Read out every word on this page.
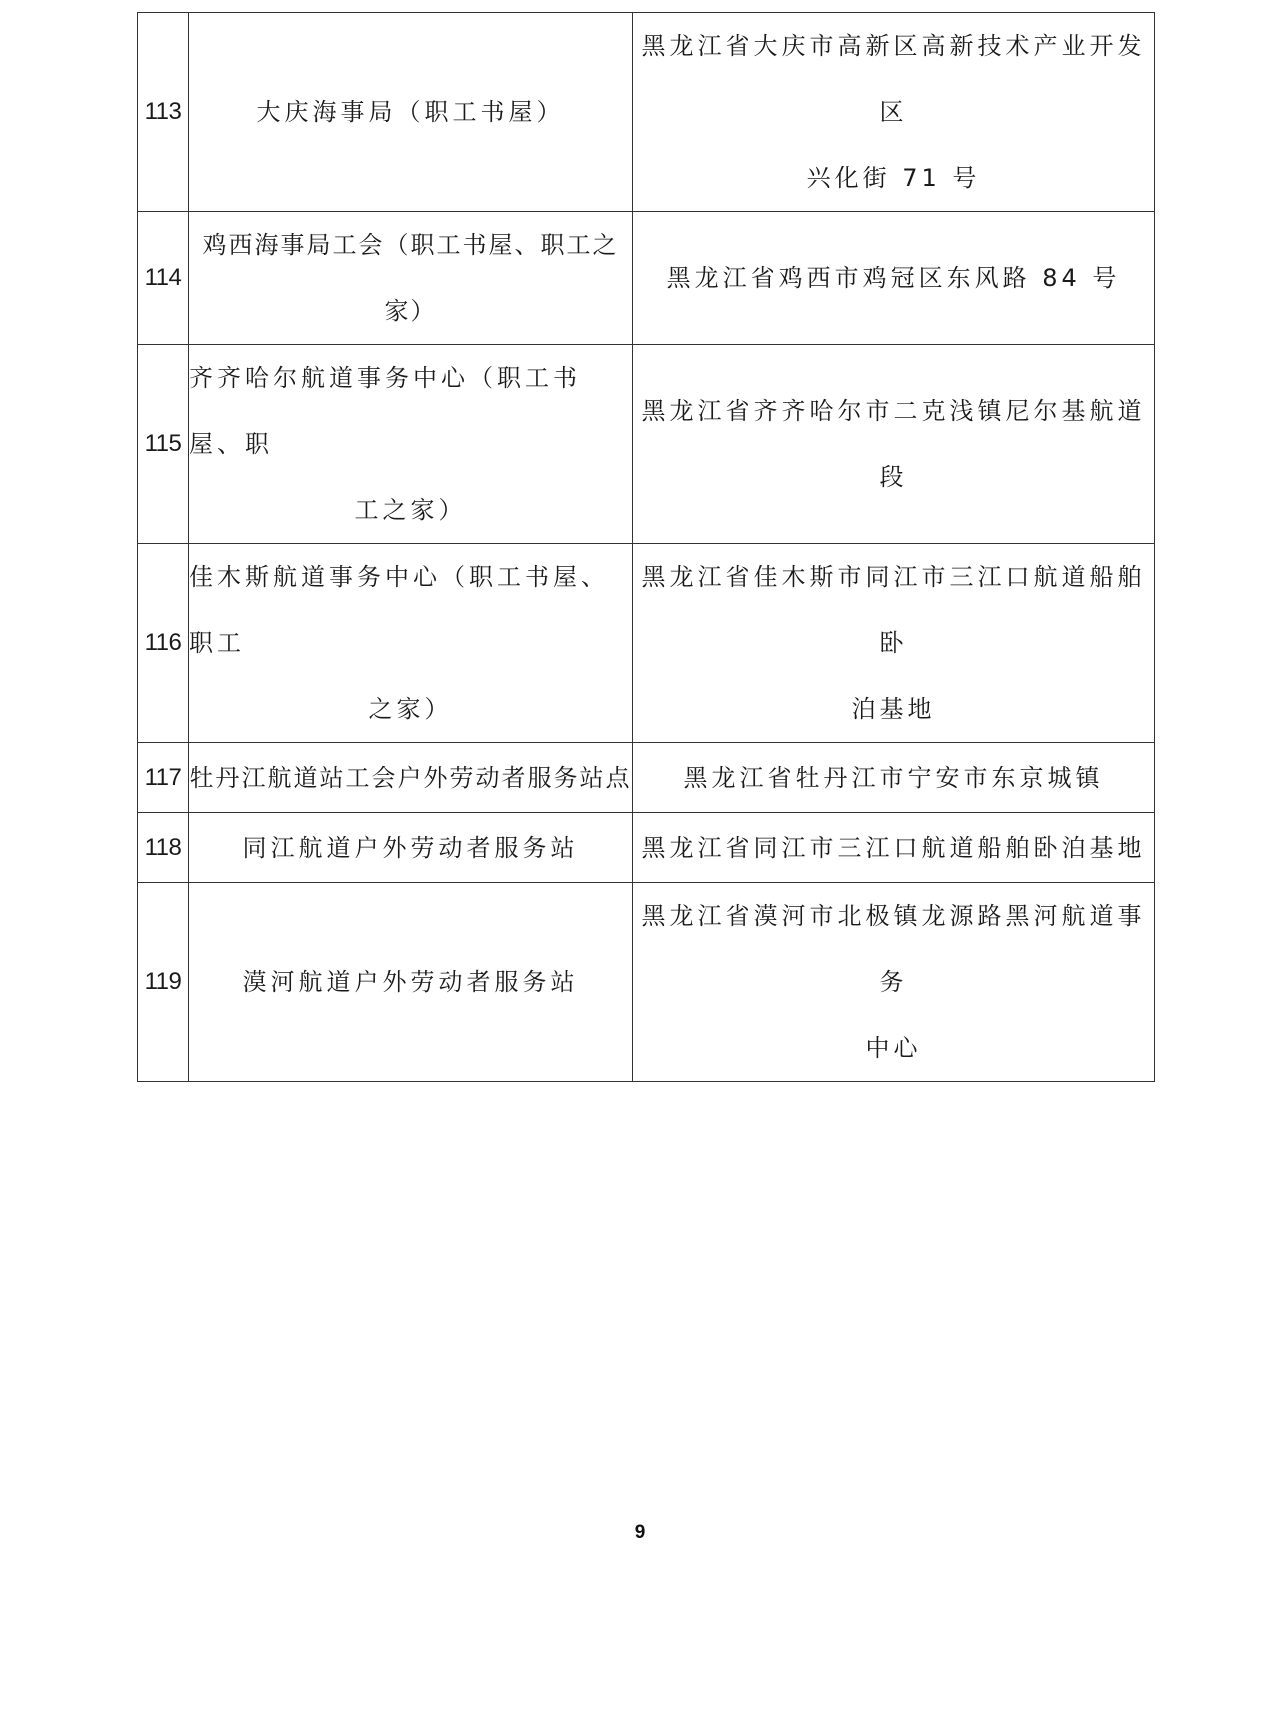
113	大庆海事局（职工书屋）	黑龙江省大庆市高新区高新技术产业开发区
兴化街 71 号

114	鸡西海事局工会（职工书屋、职工之家）	黑龙江省鸡西市鸡冠区东风路 84 号

115	齐齐哈尔航道事务中心（职工书屋、职
工之家）	黑龙江省齐齐哈尔市二克浅镇尼尔基航道段

116	佳木斯航道事务中心（职工书屋、职工
之家）	黑龙江省佳木斯市同江市三江口航道船舶卧
泊基地

117	牡丹江航道站工会户外劳动者服务站点	黑龙江省牡丹江市宁安市东京城镇

118	同江航道户外劳动者服务站	黑龙江省同江市三江口航道船舶卧泊基地

119	漠河航道户外劳动者服务站	黑龙江省漠河市北极镇龙源路黑河航道事务
中心
9
